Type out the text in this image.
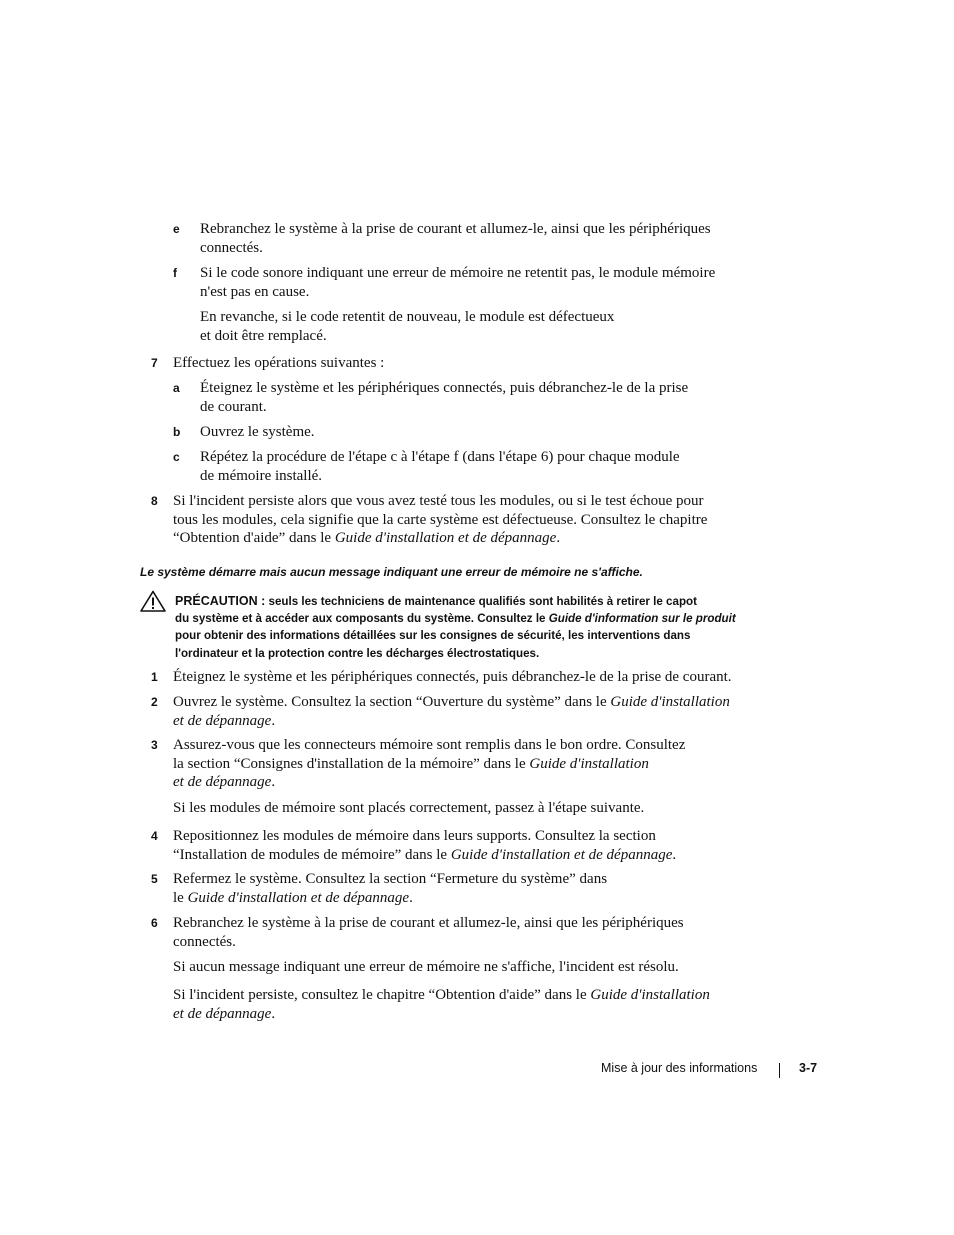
e Rebranchez le système à la prise de courant et allumez-le, ainsi que les périphériques
connectés.
f Si le code sonore indiquant une erreur de mémoire ne retentit pas, le module mémoire
n'est pas en cause.
En revanche, si le code retentit de nouveau, le module est défectueux
et doit être remplacé.
7 Effectuez les opérations suivantes :
a Éteignez le système et les périphériques connectés, puis débranchez-le de la prise
de courant.
b Ouvrez le système.
c Répétez la procédure de l'étape c à l'étape f (dans l'étape 6) pour chaque module
de mémoire installé.
8 Si l'incident persiste alors que vous avez testé tous les modules, ou si le test échoue pour
tous les modules, cela signifie que la carte système est défectueuse. Consultez le chapitre
“Obtention d'aide” dans le Guide d'installation et de dépannage.
Le système démarre mais aucun message indiquant une erreur de mémoire ne s'affiche.
PRÉCAUTION : seuls les techniciens de maintenance qualifiés sont habilités à retirer le capot
du système et à accéder aux composants du système. Consultez le Guide d'information sur le produit
pour obtenir des informations détaillées sur les consignes de sécurité, les interventions dans
l'ordinateur et la protection contre les décharges électrostatiques.
1 Éteignez le système et les périphériques connectés, puis débranchez-le de la prise de courant.
2 Ouvrez le système. Consultez la section “Ouverture du système” dans le Guide d'installation
et de dépannage.
3 Assurez-vous que les connecteurs mémoire sont remplis dans le bon ordre. Consultez
la section “Consignes d'installation de la mémoire” dans le Guide d'installation
et de dépannage.
Si les modules de mémoire sont placés correctement, passez à l'étape suivante.
4 Repositionnez les modules de mémoire dans leurs supports. Consultez la section
“Installation de modules de mémoire” dans le Guide d'installation et de dépannage.
5 Refermez le système. Consultez la section “Fermeture du système” dans
le Guide d'installation et de dépannage.
6 Rebranchez le système à la prise de courant et allumez-le, ainsi que les périphériques
connectés.
Si aucun message indiquant une erreur de mémoire ne s'affiche, l'incident est résolu.
Si l'incident persiste, consultez le chapitre “Obtention d'aide” dans le Guide d'installation
et de dépannage.
Mise à jour des informations	3-7
